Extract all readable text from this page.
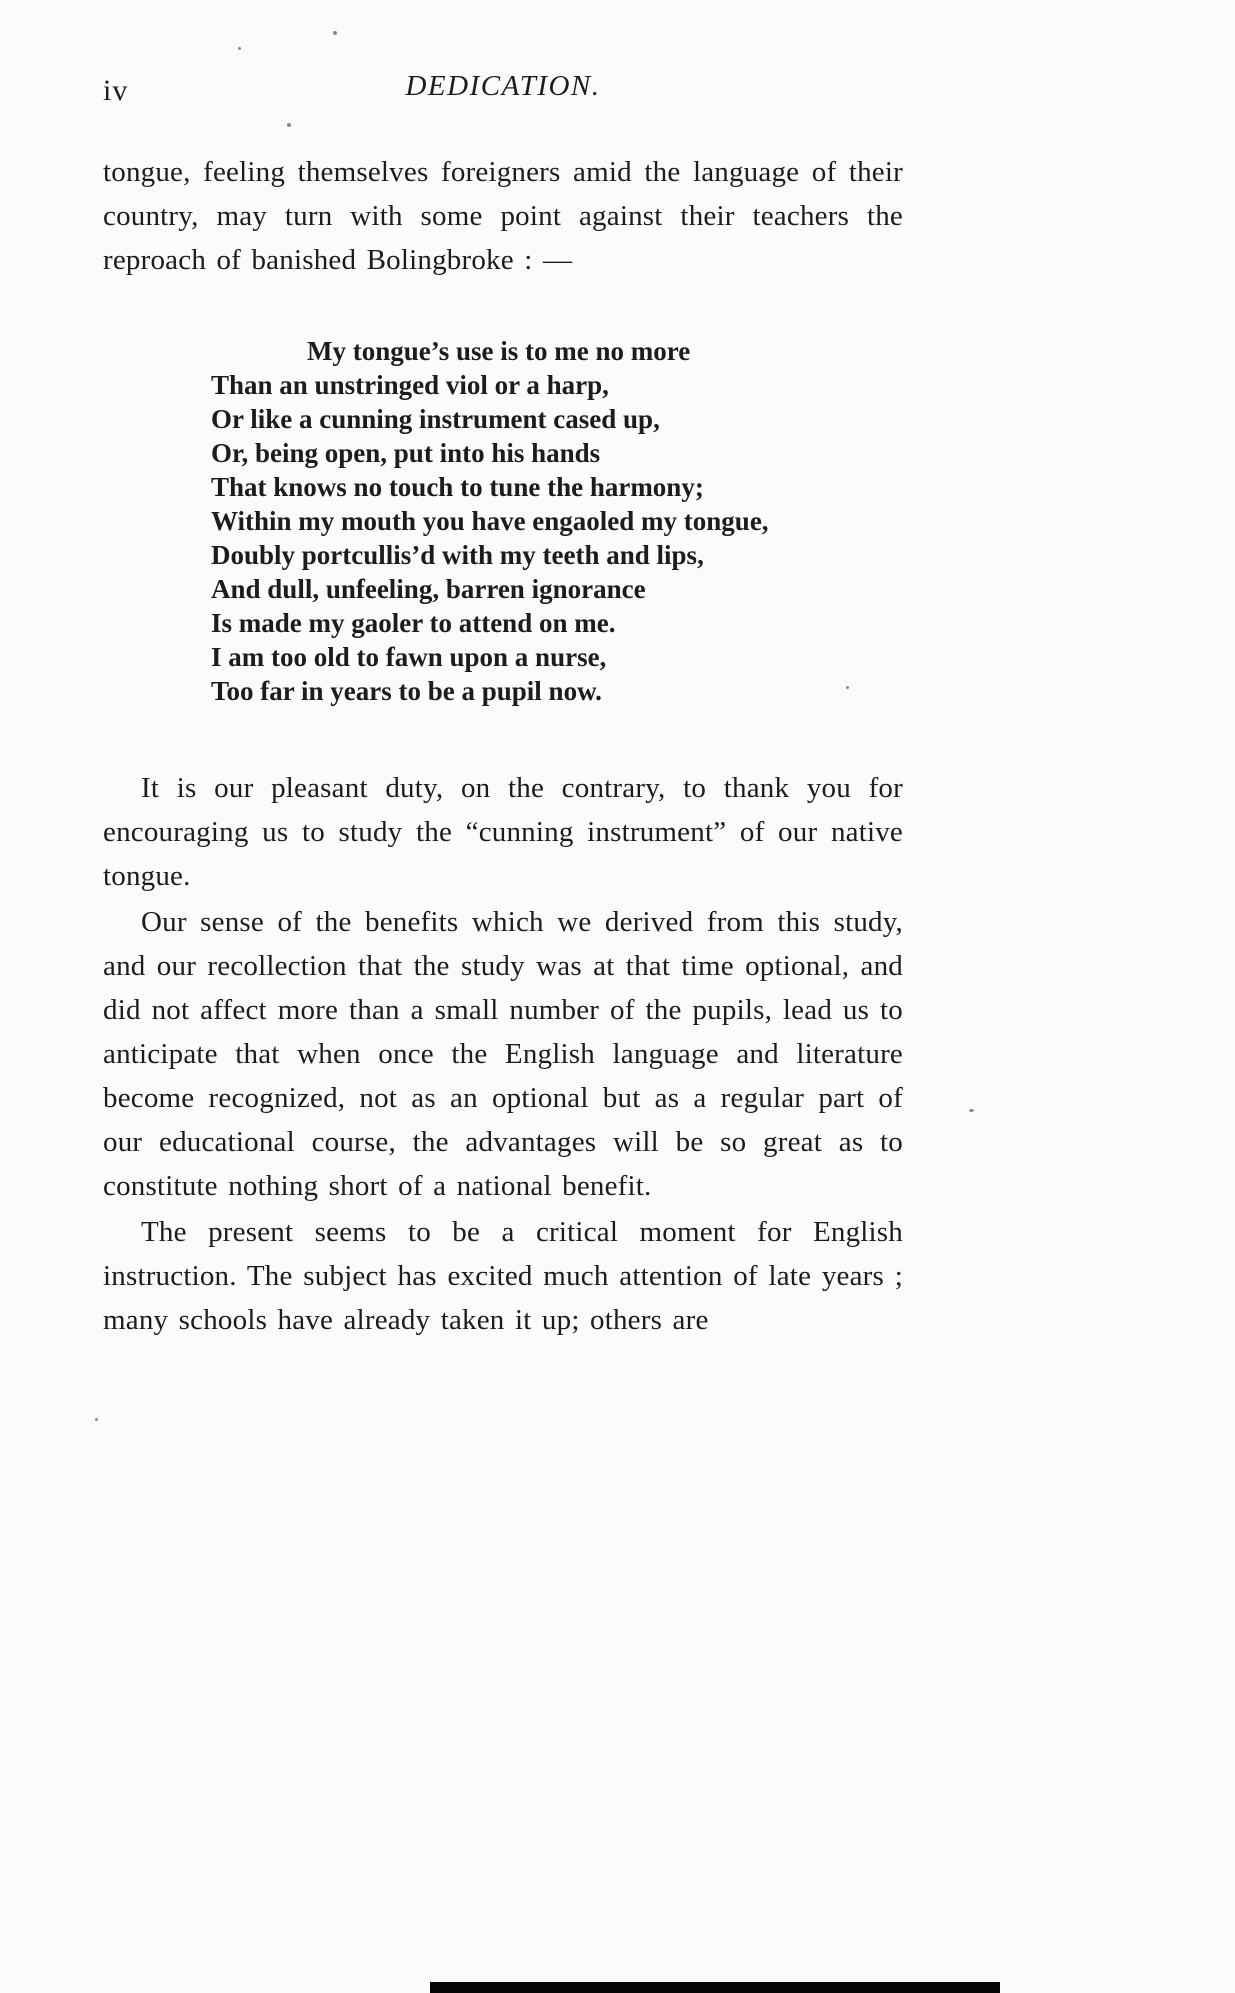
iv	DEDICATION.

tongue, feeling themselves foreigners amid the language of their country, may turn with some point against their teachers the reproach of banished Bolingbroke : —

My tongue’s use is to me no more
Than an unstringed viol or a harp,
Or like a cunning instrument cased up,
Or, being open, put into his hands
That knows no touch to tune the harmony;
Within my mouth you have engaoled my tongue,
Doubly portcullis’d with my teeth and lips,
And dull, unfeeling, barren ignorance
Is made my gaoler to attend on me.
I am too old to fawn upon a nurse,
Too far in years to be a pupil now.

It is our pleasant duty, on the contrary, to thank you for encouraging us to study the “cunning instrument” of our native tongue.

Our sense of the benefits which we derived from this study, and our recollection that the study was at that time optional, and did not affect more than a small number of the pupils, lead us to anticipate that when once the English language and literature become recognized, not as an optional but as a regular part of our educational course, the advantages will be so great as to constitute nothing short of a national benefit.

The present seems to be a critical moment for English instruction. The subject has excited much attention of late years ; many schools have already taken it up; others are
